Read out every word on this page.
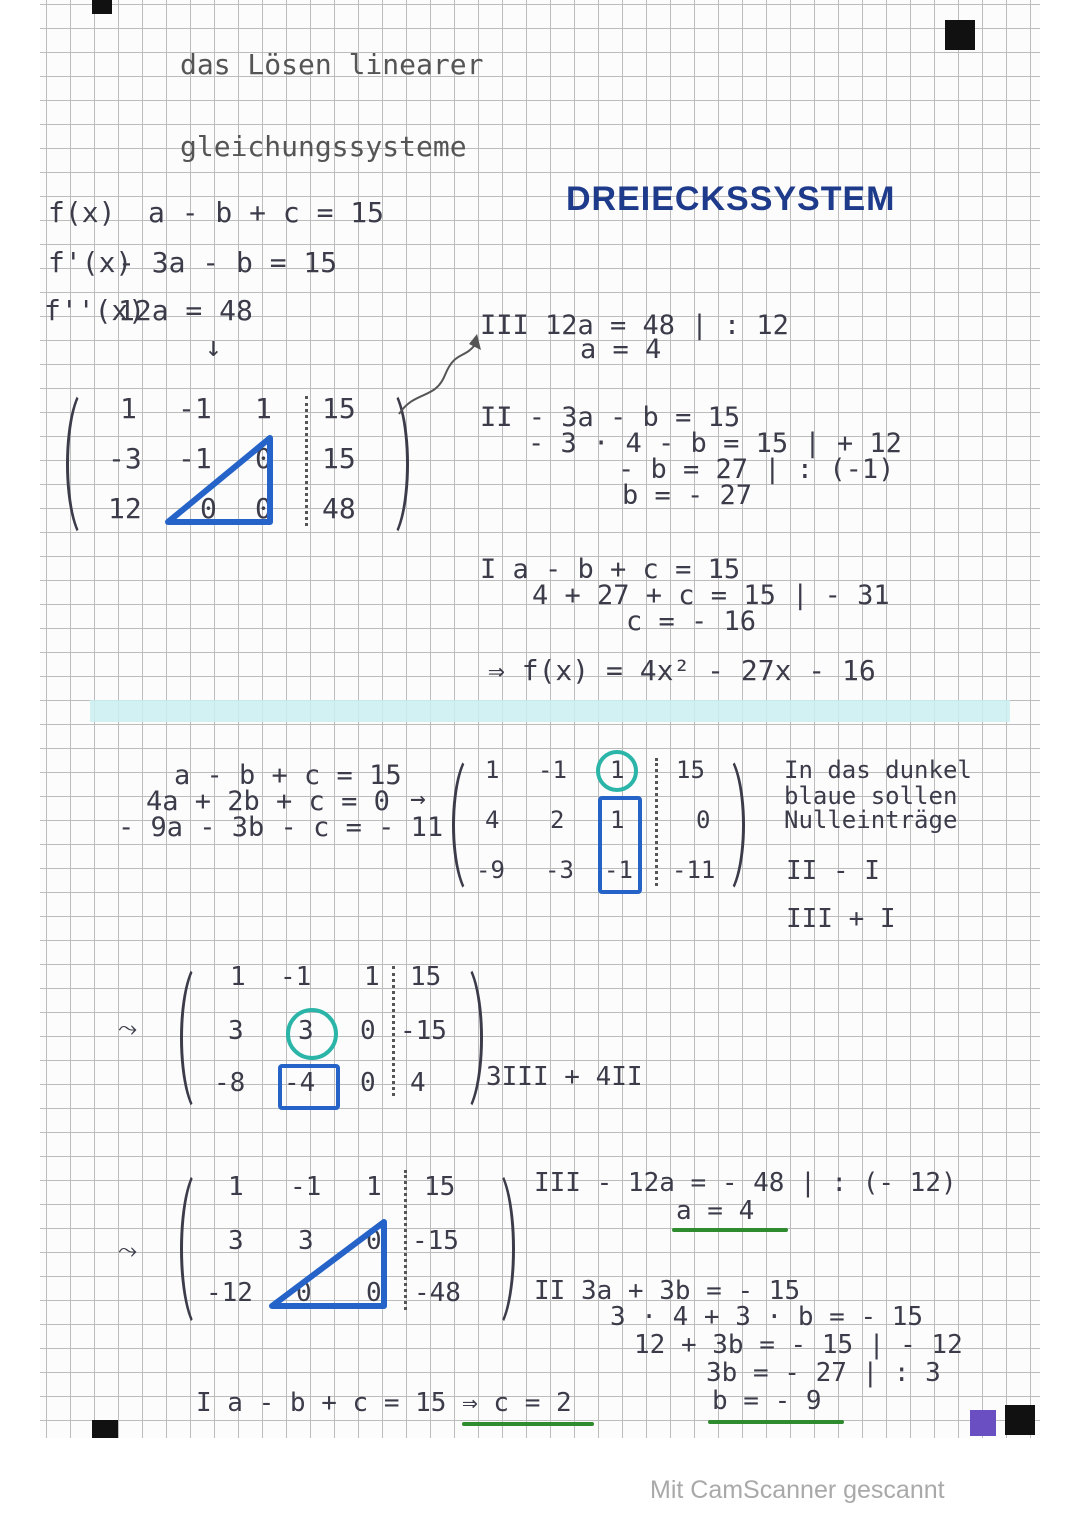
das Lösen linearer
gleichungssysteme
DREIECKSSYSTEM
f(x) a - b + c = 15
f'(x)
- 3a - b = 15
f''(x)
12a = 48
↓
1 -1 1 15
-3 -1 0 15
12 0 0 48
III 12a = 48 | : 12
a = 4
II - 3a - b = 15
- 3 · 4 - b = 15 | + 12
- b = 27 | : (-1)
b = - 27
I a - b + c = 15
4 + 27 + c = 15 | - 31
c = - 16
⇒ f(x) = 4x² - 27x - 16
a - b + c = 15
4a + 2b + c = 0
- 9a - 3b - c = - 11
→
1 -1 1 15
4 2 1	0
-9 -3 -1 -11
In das dunkel
blaue sollen
Nulleinträge
II - I
III + I
⤳
1 -1 1 15
3 3 0 -15
-8 -4 0 4 3III + 4II
⤳
1 -1 1 15
3 3 0 -15
-12 0 0 -48
III - 12a = - 48 | : (- 12)
a = 4
II 3a + 3b = - 15
3 · 4 + 3 · b = - 15
12 + 3b = - 15 | - 12
3b = - 27 | : 3
b = - 9
I a - b + c = 15 ⇒ c = 2
Mit CamScanner gescannt
